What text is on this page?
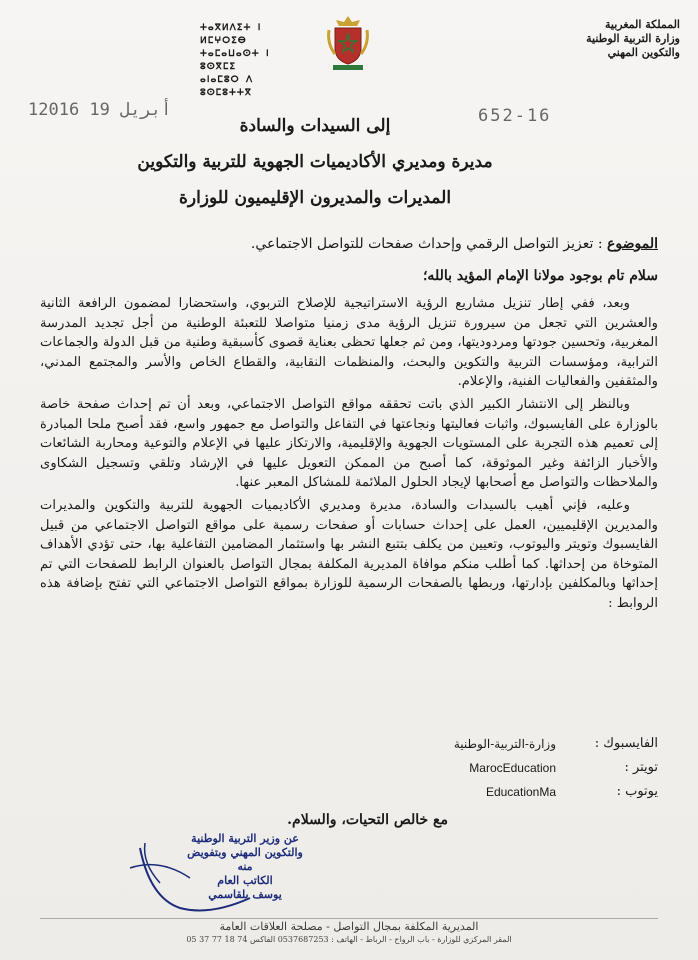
ⵜⴰⴳⵍⴷⵉⵜ ⵏ ⵍⵎⵖⵔⵉⴱ
ⵜⴰⵎⴰⵡⴰⵙⵜ ⵏ ⵓⵙⴳⵎⵉ
ⴰⵏⴰⵎⵓⵔ ⴷ ⵓⵙⵎⵓⵜⵜⴳ
المملكة المغربية
وزارة التربية الوطنية
والتكوين المهني
12016 أبريل 19	652-16
إلى السيدات والسادة
مديرة ومديري الأكاديميات الجهوية للتربية والتكوين
المديرات والمديرون الإقليميون للوزارة
الموضوع : تعزيز التواصل الرقمي وإحداث صفحات للتواصل الاجتماعي.
سلام تام بوجود مولانا الإمام المؤيد بالله؛

وبعد، ففي إطار تنزيل مشاريع الرؤية الاستراتيجية للإصلاح التربوي، واستحضارا لمضمون الرافعة الثانية والعشرين التي تجعل من سيرورة تنزيل الرؤية مدى زمنيا متواصلا للتعبئة الوطنية من أجل تجديد المدرسة المغربية، وتحسين جودتها ومردوديتها، ومن ثم جعلها تحظى بعناية قصوى كأسبقية وطنية من قبل الدولة والجماعات الترابية، ومؤسسات التربية والتكوين والبحث، والمنظمات النقابية، والقطاع الخاص والأسر والمجتمع المدني، والمثقفين والفعاليات الفنية، والإعلام.

وبالنظر إلى الانتشار الكبير الذي باتت تحققه مواقع التواصل الاجتماعي، وبعد أن تم إحداث صفحة خاصة بالوزارة على الفايسبوك، واثبات فعاليتها ونجاعتها في التفاعل والتواصل مع جمهور واسع، فقد أصبح ملحا المبادرة إلى تعميم هذه التجربة على المستويات الجهوية والإقليمية، والارتكاز عليها في الإعلام والتوعية ومحاربة الشائعات والأخبار الزائفة وغير الموثوقة، كما أصبح من الممكن التعويل عليها في الإرشاد وتلقي وتسجيل الشكاوى والملاحظات والتواصل مع أصحابها لإيجاد الحلول الملائمة للمشاكل المعبر عنها.

وعليه، فإني أهيب بالسيدات والسادة، مديرة ومديري الأكاديميات الجهوية للتربية والتكوين والمديرات والمديرين الإقليميين، العمل على إحداث حسابات أو صفحات رسمية على مواقع التواصل الاجتماعي من قبيل الفايسبوك وتويتر واليوتوب، وتعيين من يكلف بتتبع النشر بها واستثمار المضامين التفاعلية بها، حتى تؤدي الأهداف المتوخاة من إحداثها. كما أطلب منكم موافاة المديرية المكلفة بمجال التواصل بالعنوان الرابط للصفحات التي تم إحداثها وبالمكلفين بإدارتها، وربطها بالصفحات الرسمية للوزارة بمواقع التواصل الاجتماعي التي تفتح بإضافة هذه الروابط :

الفايسبوك :
وزارة-التربية-الوطنية
تويتر :
MarocEducation
يوتوب :
EducationMa
مع خالص التحيات، والسلام.
عن وزير التربية الوطنية
والتكوين المهني وبتفويض منه
الكاتب العام
يوسف بلقاسمي
المديرية المكلفة بمجال التواصل - مصلحة العلاقات العامة
المقر المركزي للوزارة - باب الرواح - الرباط - الهاتف : 0537687253 الفاكس 74 18 77 37 05
